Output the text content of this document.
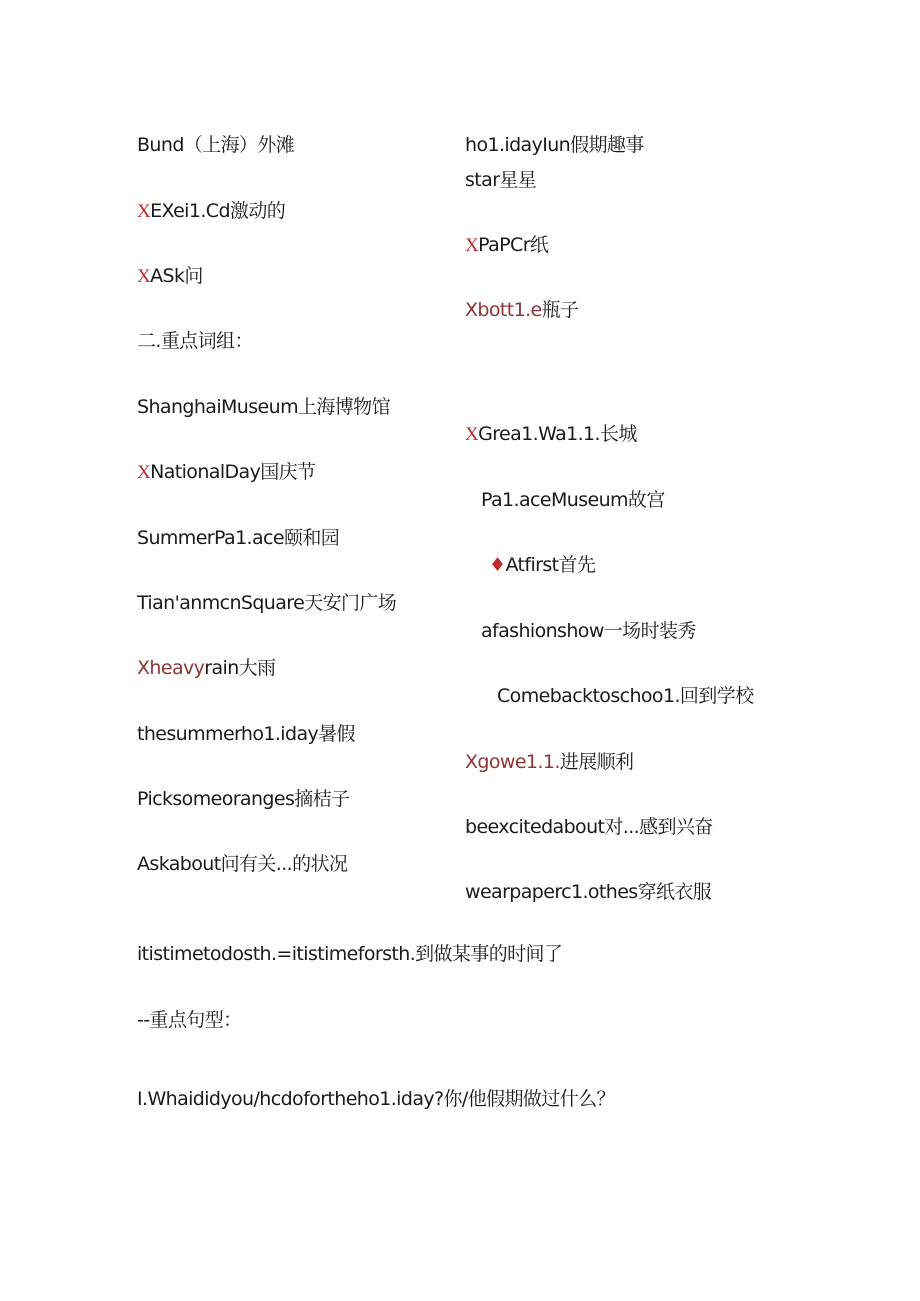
Bund（上海）外滩
XEXei1.Cd激动的
XASk问
二.重点词组：
ShanghaiMuseum上海博物馆
XNationalDay国庆节
SummerPa1.ace颐和园
Tian'anmcnSquare天安门广场
Xheavyrain大雨
thesummerho1.iday暑假
Picksomeoranges摘桔子
Askabout问有关...的状况
ho1.idayIun假期趣事
star星星
XPaPCr纸
Xbott1.e瓶子
XGrea1.Wa1.1.长城
Pa1.aceMuseum故宫
♦Atfirst首先
afashionshow一场时装秀
Comebacktoschoo1.回到学校
Xgowe1.1.进展顺利
beexcitedabout对...感到兴奋
wearpaperc1.othes穿纸衣服
itistimetodosth.=itistimeforsth.到做某事的时间了
--重点句型：
I.Whaididyou/hcdofortheho1.iday?你/他假期做过什么？
